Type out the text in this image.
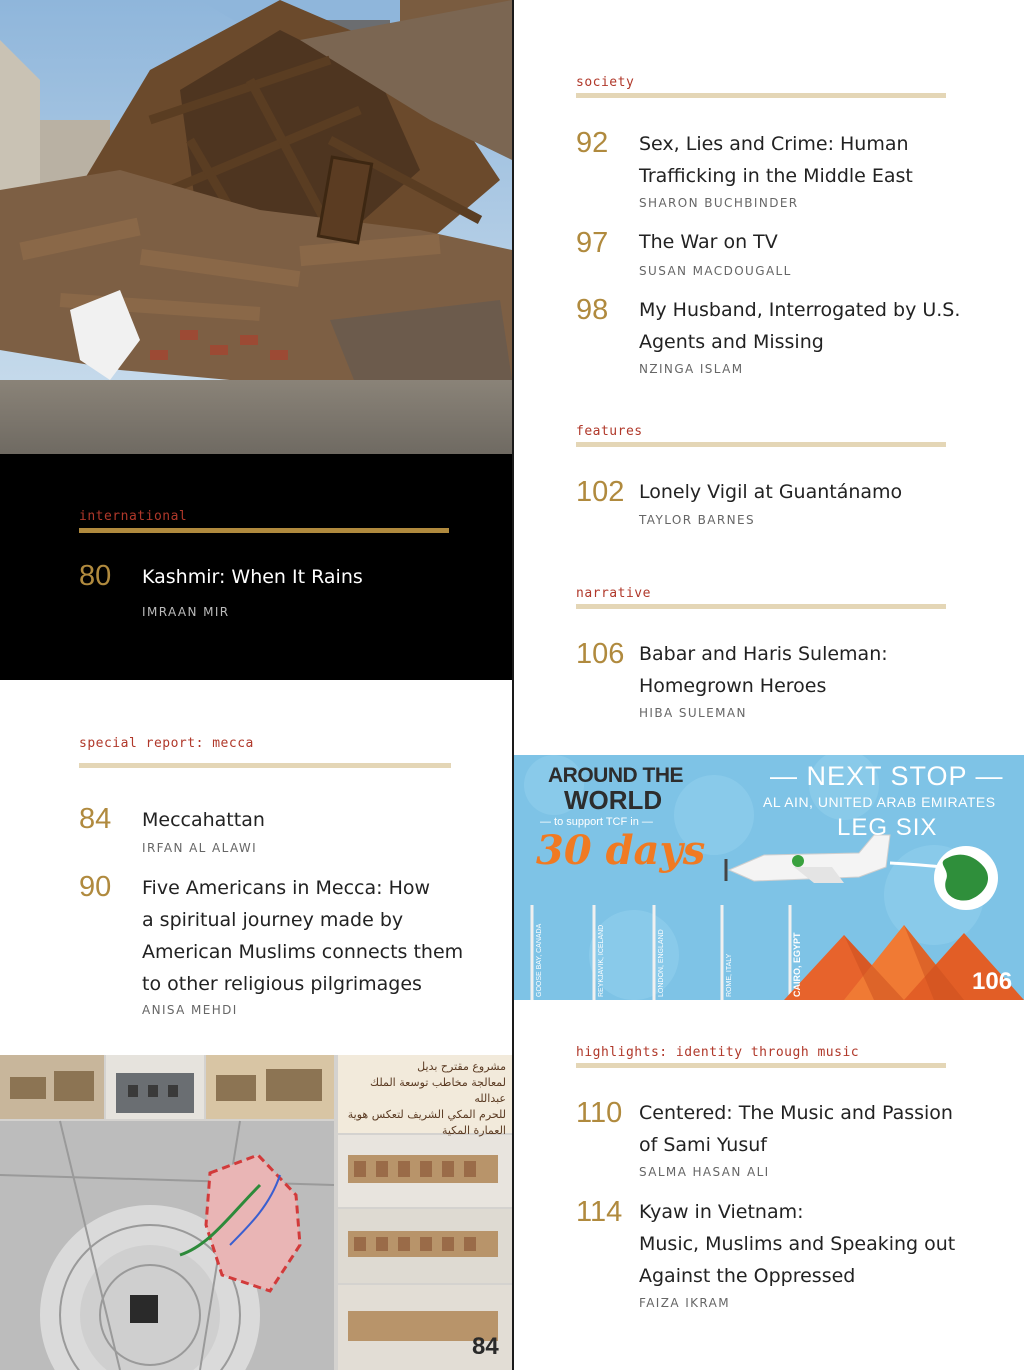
international
80 Kashmir: When It Rains
IMRAAN MIR
special report: mecca
84 Meccahattan
IRFAN AL ALAWI
90 Five Americans in Mecca: How
a spiritual journey made by
American Muslims connects them
to other religious pilgrimages
ANISA MEHDI
مشروع مقترح بديل
لمعالجة مخاطب توسعة الملك عبدالله
للحرم المكي الشريف لتعكس هوية
العمارة المكية
84
society
92 Sex, Lies and Crime: Human
Trafficking in the Middle East
SHARON BUCHBINDER
97 The War on TV
SUSAN MACDOUGALL
98 My Husband, Interrogated by U.S.
Agents and Missing
NZINGA ISLAM
features
102 Lonely Vigil at Guantánamo
TAYLOR BARNES
narrative
106 Babar and Haris Suleman:
Homegrown Heroes
HIBA SULEMAN
AROUND THE
WORLD
— to support TCF in —
30 days
— NEXT STOP —
AL AIN, UNITED ARAB EMIRATES
LEG SIX
GOOSE BAY, CANADA	REYKJAVIK, ICELAND	LONDON, ENGLAND	ROME, ITALY	CAIRO, EGYPT	106
highlights: identity through music
110 Centered: The Music and Passion
of Sami Yusuf
SALMA HASAN ALI
114 Kyaw in Vietnam:
Music, Muslims and Speaking out
Against the Oppressed
FAIZA IKRAM
